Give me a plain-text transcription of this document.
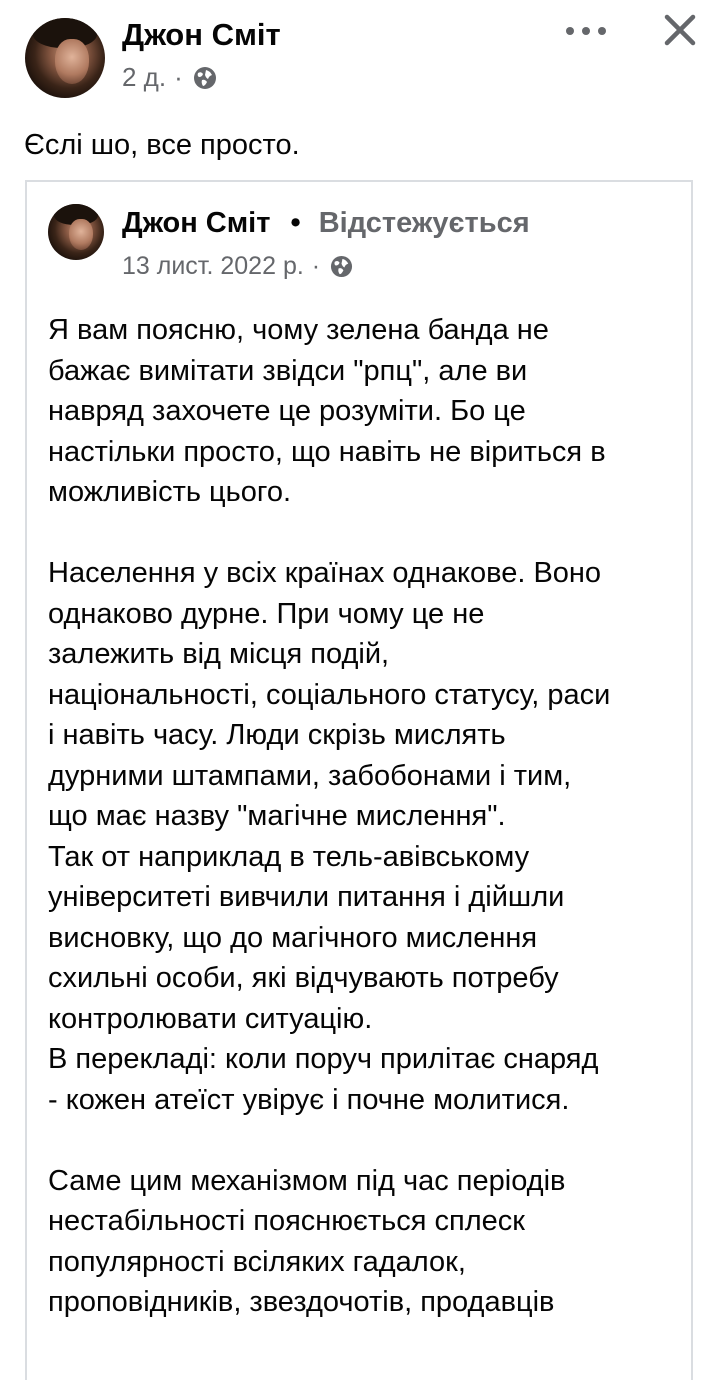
Джон Сміт
2 д. ·
Єслі шо, все просто.
Джон Сміт • Відстежується
13 лист. 2022 р. ·
Я вам поясню, чому зелена банда не
бажає вимітати звідси "рпц", але ви
навряд захочете це розуміти. Бо це
настільки просто, що навіть не віриться в
можливість цього.

Населення у всіх країнах однакове. Воно
однаково дурне. При чому це не
залежить від місця подій,
національності, соціального статусу, раси
і навіть часу. Люди скрізь мислять
дурними штампами, забобонами і тим,
що має назву "магічне мислення".
Так от наприклад в тель-авівському
університеті вивчили питання і дійшли
висновку, що до магічного мислення
схильні особи, які відчувають потребу
контролювати ситуацію.
В перекладі: коли поруч прилітає снаряд
- кожен атеїст увірує і почне молитися.

Саме цим механізмом під час періодів
нестабільності пояснюється сплеск
популярності всіляких гадалок,
проповідників, звездочотів, продавців
